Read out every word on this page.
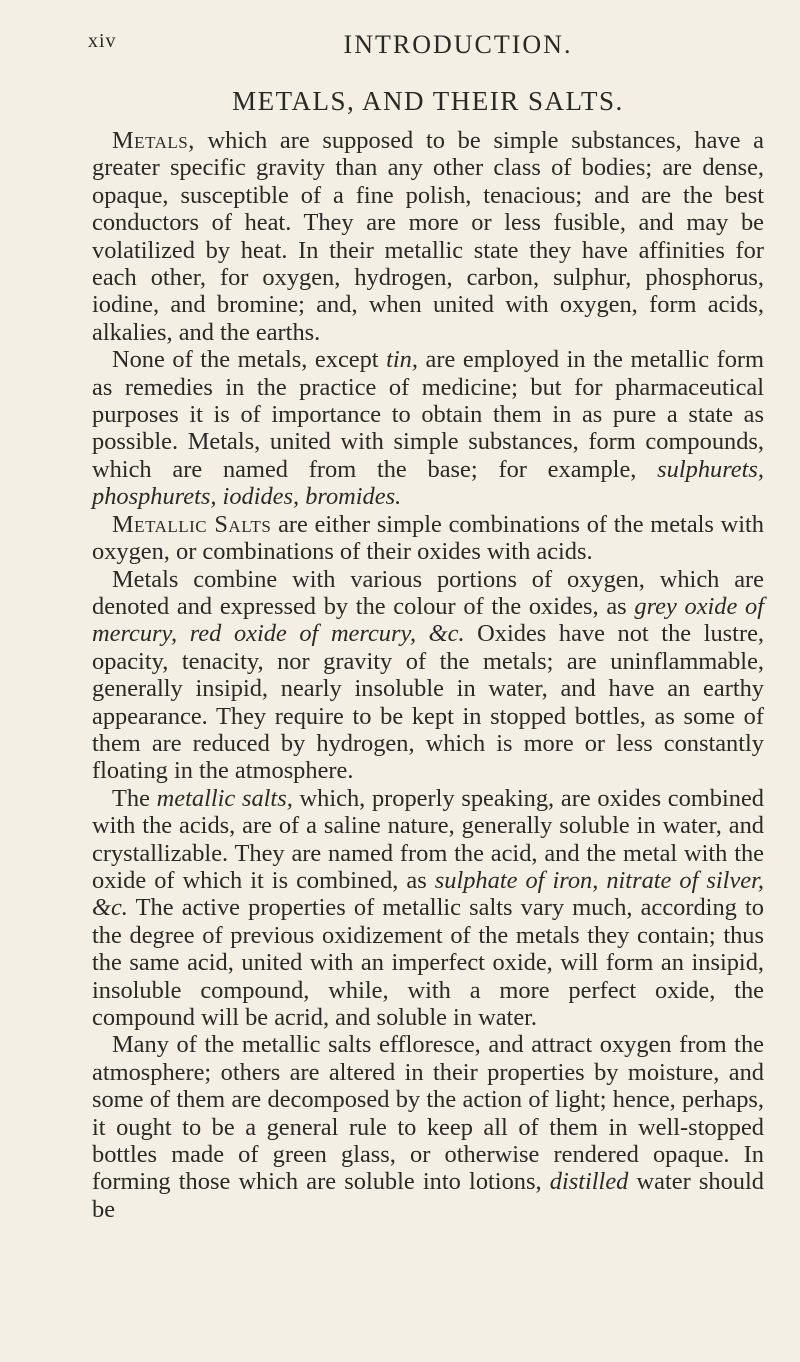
xiv	INTRODUCTION.
METALS, AND THEIR SALTS.

Metals, which are supposed to be simple substances, have a greater specific gravity than any other class of bodies; are dense, opaque, susceptible of a fine polish, tenacious; and are the best conductors of heat. They are more or less fusible, and may be volatilized by heat. In their metallic state they have affinities for each other, for oxygen, hydrogen, carbon, sulphur, phosphorus, iodine, and bromine; and, when united with oxygen, form acids, alkalies, and the earths.

None of the metals, except tin, are employed in the metallic form as remedies in the practice of medicine; but for pharmaceutical purposes it is of importance to obtain them in as pure a state as possible. Metals, united with simple substances, form compounds, which are named from the base; for example, sulphurets, phosphurets, iodides, bromides.

Metallic Salts are either simple combinations of the metals with oxygen, or combinations of their oxides with acids.

Metals combine with various portions of oxygen, which are denoted and expressed by the colour of the oxides, as grey oxide of mercury, red oxide of mercury, &c. Oxides have not the lustre, opacity, tenacity, nor gravity of the metals; are uninflammable, generally insipid, nearly insoluble in water, and have an earthy appearance. They require to be kept in stopped bottles, as some of them are reduced by hydrogen, which is more or less constantly floating in the atmosphere.

The metallic salts, which, properly speaking, are oxides combined with the acids, are of a saline nature, generally soluble in water, and crystallizable. They are named from the acid, and the metal with the oxide of which it is combined, as sulphate of iron, nitrate of silver, &c. The active properties of metallic salts vary much, according to the degree of previous oxidizement of the metals they contain; thus the same acid, united with an imperfect oxide, will form an insipid, insoluble compound, while, with a more perfect oxide, the compound will be acrid, and soluble in water.

Many of the metallic salts effloresce, and attract oxygen from the atmosphere; others are altered in their properties by moisture, and some of them are decomposed by the action of light; hence, perhaps, it ought to be a general rule to keep all of them in well-stopped bottles made of green glass, or otherwise rendered opaque. In forming those which are soluble into lotions, distilled water should be
